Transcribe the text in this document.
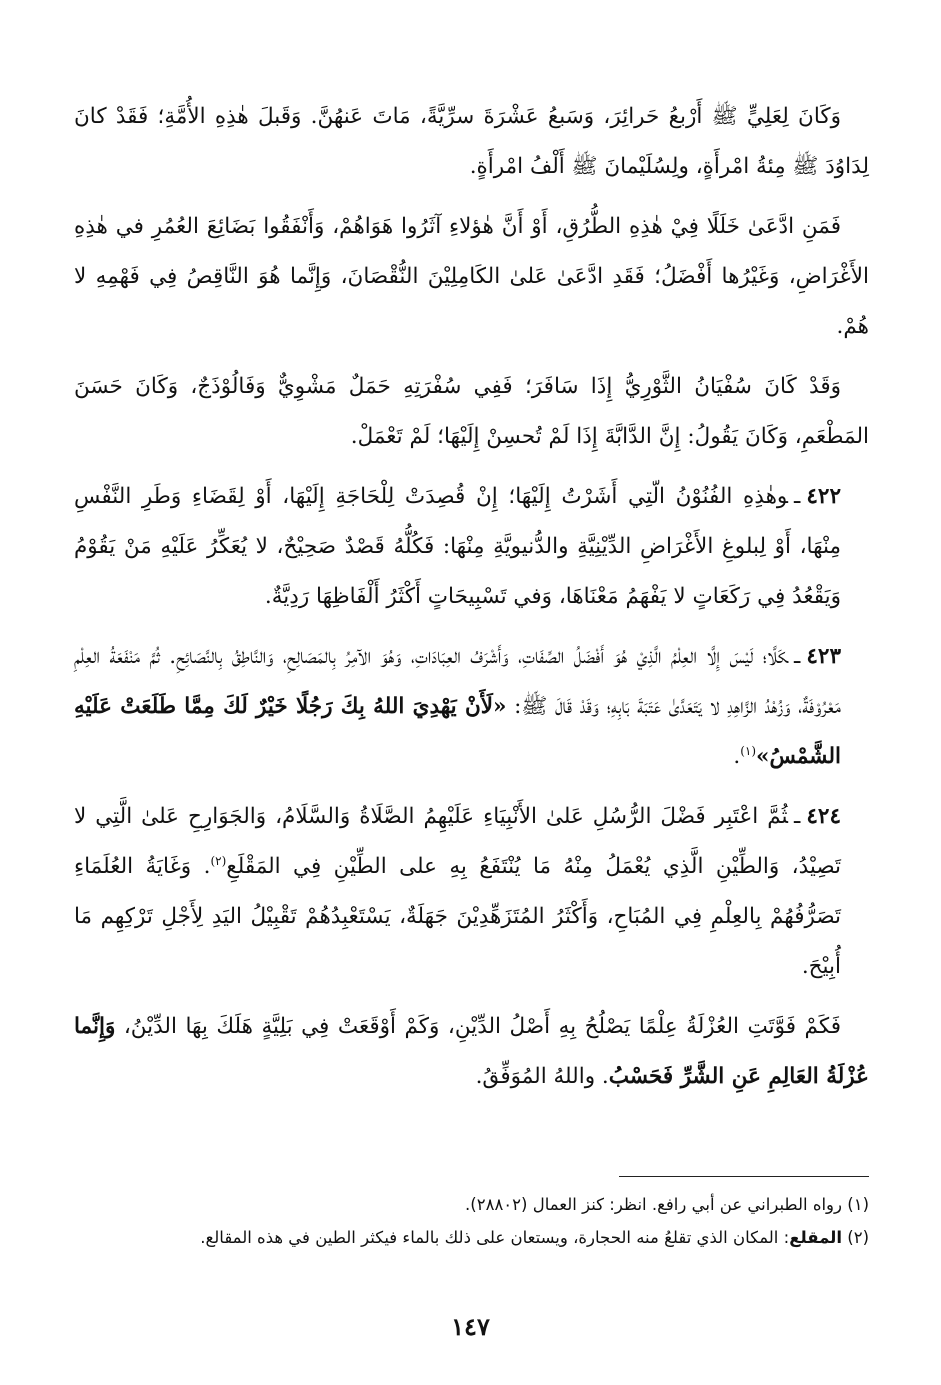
وَكَانَ لِعَلِيٍّ ﷺ أَرْبعُ حَرائِرَ، وَسَبعُ عَشْرَةَ سرِّيَّةً، مَاتَ عَنهُنَّ. وَقَبلَ هٰذِهِ الأُمَّةِ؛ فَقَدْ كانَ لِدَاوُدَ ﷺ مِئةُ امْرأَةٍ، ولِسُلَيْمانَ ﷺ أَلْفُ امْرأَةٍ.

فَمَنِ ادَّعَىٰ خَلَلًا فِيْ هٰذِهِ الطُّرُقِ، أَوْ أَنَّ هٰؤلاءِ آثَرُوا هَوَاهُمْ، وَأَنْفَقُوا بَضَائِعَ العُمُرِ في هٰذِهِ الأَغْرَاضِ، وَغَيْرُها أَفْضَلُ؛ فَقَدِ ادَّعَىٰ عَلىٰ الكَامِلِيْنَ النُّقْصَانَ، وَإِنَّما هُوَ النَّاقِصُ فِي فَهْمِهِ لا هُمْ.

وَقَدْ كَانَ سُفْيَانُ الثَّوْرِيُّ إِذَا سَافَرَ؛ فَفِي سُفْرَتِهِ حَمَلٌ مَشْوِيٌّ وَفَالُوْذَجٌ، وَكَانَ حَسَنَ المَطْعَمِ، وَكَانَ يَقُولُ: إِنَّ الدَّابَّةَ إِذَا لَمْ تُحسِنْ إِلَيْهَا؛ لَمْ تَعْمَلْ.

٤٢٢ـوهٰذِهِ الفُنُوْنُ الّتِي أَشَرْتُ إِلَيْهَا؛ إِنْ قُصِدَتْ لِلْحَاجَةِ إِلَيْهَا، أَوْ لِقَضَاءِ وَطَرِ النَّفْسِ مِنْهَا، أَوْ لِبلوغِ الأَغْرَاضِ الدِّيْنِيَّةِ والدُّنيويَّةِ مِنْهَا: فَكُلُّهُ قَصْدٌ صَحِيْحٌ، لا يُعَكِّرُ عَلَيْهِ مَنْ يَقُوْمُ وَيَقْعُدُ فِي رَكَعَاتٍ لا يَفْهَمُ مَعْنَاهَا، وَفي تَسْبِيحَاتٍ أَكْثَرُ أَلْفَاظِهَا رَدِيَّةٌ.

٤٢٣ـكَلَّا؛ لَيْسَ إِلَّا العِلْمُ الَّذِيْ هُوَ أَفْضَلُ الصِّفَاتِ، وَأَشْرَفُ العِبَادَاتِ، وَهُوَ الآمِرُ بِالمَصَالِحِ، وَالنَّاطِقُ بِالنَّصَائِحِ. ثُمَّ مَنْفَعَةُ العِلْمِ مَعْرُوْفَةٌ، وَزُهْدُ الزَّاهِدِ لا يَتَعَدَّىٰ عَتَبَةَ بَابِهِ؛ وَقَدْ قَالَ ﷺ: «لَأَنْ يَهْدِيَ اللهُ بِكَ رَجُلًا خَيْرٌ لَكَ مِمَّا طَلَعَتْ عَلَيْهِ الشَّمْسُ»$^{(١)}$.

٤٢٤ـثُمَّ اعْتَبِر فَضْلَ الرُّسُلِ عَلىٰ الأَنْبِيَاءِ عَلَيْهِمُ الصَّلَاةُ وَالسَّلَامُ، وَالجَوَارِحِ عَلىٰ الَّتِي لا تَصِيْدُ، وَالطِّيْنِ الَّذِي يُعْمَلُ مِنْهُ مَا يُنْتَفَعُ بِهِ على الطِّيْنِ فِي المَقْلَعِ$^{(٢)}$. وَغَايَةُ العُلَمَاءِ تَصَرُّفُهُمْ بِالعِلْمِ فِي المُبَاحِ، وَأَكْثَرُ المُتَزَهِّدِيْنَ جَهَلَةٌ، يَسْتَعْبِدُهُمْ تَقْبِيْلُ اليَدِ لِأَجْلِ تَرْكِهِم مَا أُبِيْحَ.

فَكَمْ فَوَّتَتِ العُزْلَةُ عِلْمًا يَصْلُحُ بِهِ أَصْلُ الدِّيْنِ، وَكَمْ أَوْقَعَتْ فِي بَلِيَّةٍ هَلَكَ بِهَا الدِّيْنُ، وَإِنَّما عُزْلَةُ العَالِمِ عَنِ الشَّرِّ فَحَسْبُ. واللهُ المُوَفِّقُ.

(١) رواه الطبراني عن أبي رافع. انظر: كنز العمال (٢٨٨٠٢).

(٢) المقلع: المكان الذي تقلعُ منه الحجارة، ويستعان على ذلك بالماء فيكثر الطين في هذه المقالع.

١٤٧
